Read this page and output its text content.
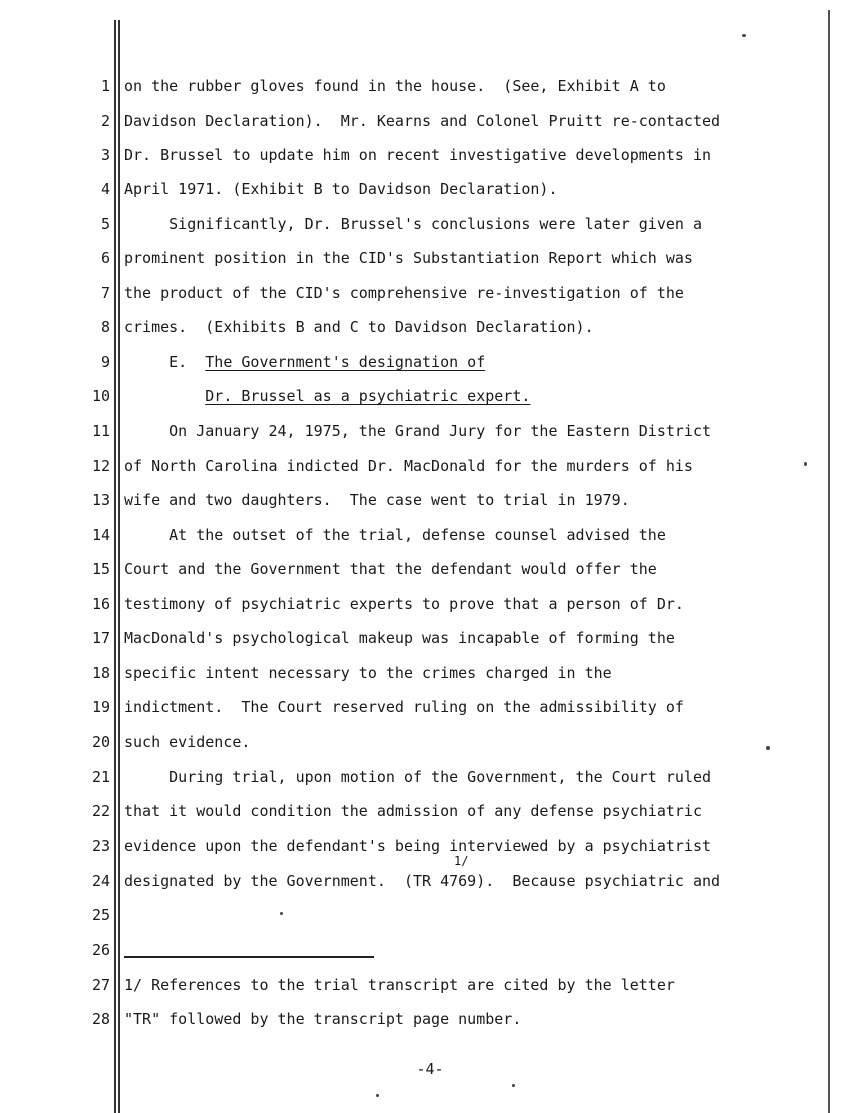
1
2
3
4
5
6
7
8
9
10
11
12
13
14
15
16
17
18
19
20
21
22
23
24
25
26
27
28
on the rubber gloves found in the house.  (See, Exhibit A to
Davidson Declaration).  Mr. Kearns and Colonel Pruitt re-contacted
Dr. Brussel to update him on recent investigative developments in
April 1971. (Exhibit B to Davidson Declaration).
Significantly, Dr. Brussel's conclusions were later given a
prominent position in the CID's Substantiation Report which was
the product of the CID's comprehensive re-investigation of the
crimes.  (Exhibits B and C to Davidson Declaration).
E.  The Government's designation of
Dr. Brussel as a psychiatric expert.
On January 24, 1975, the Grand Jury for the Eastern District
of North Carolina indicted Dr. MacDonald for the murders of his
wife and two daughters.  The case went to trial in 1979.
At the outset of the trial, defense counsel advised the
Court and the Government that the defendant would offer the
testimony of psychiatric experts to prove that a person of Dr.
MacDonald's psychological makeup was incapable of forming the
specific intent necessary to the crimes charged in the
indictment.  The Court reserved ruling on the admissibility of
such evidence.
During trial, upon motion of the Government, the Court ruled
that it would condition the admission of any defense psychiatric
evidence upon the defendant's being interviewed by a psychiatrist
designated by the Government.  (TR 4769).  Because psychiatric and
1/ References to the trial transcript are cited by the letter
"TR" followed by the transcript page number.
1/
-4-
